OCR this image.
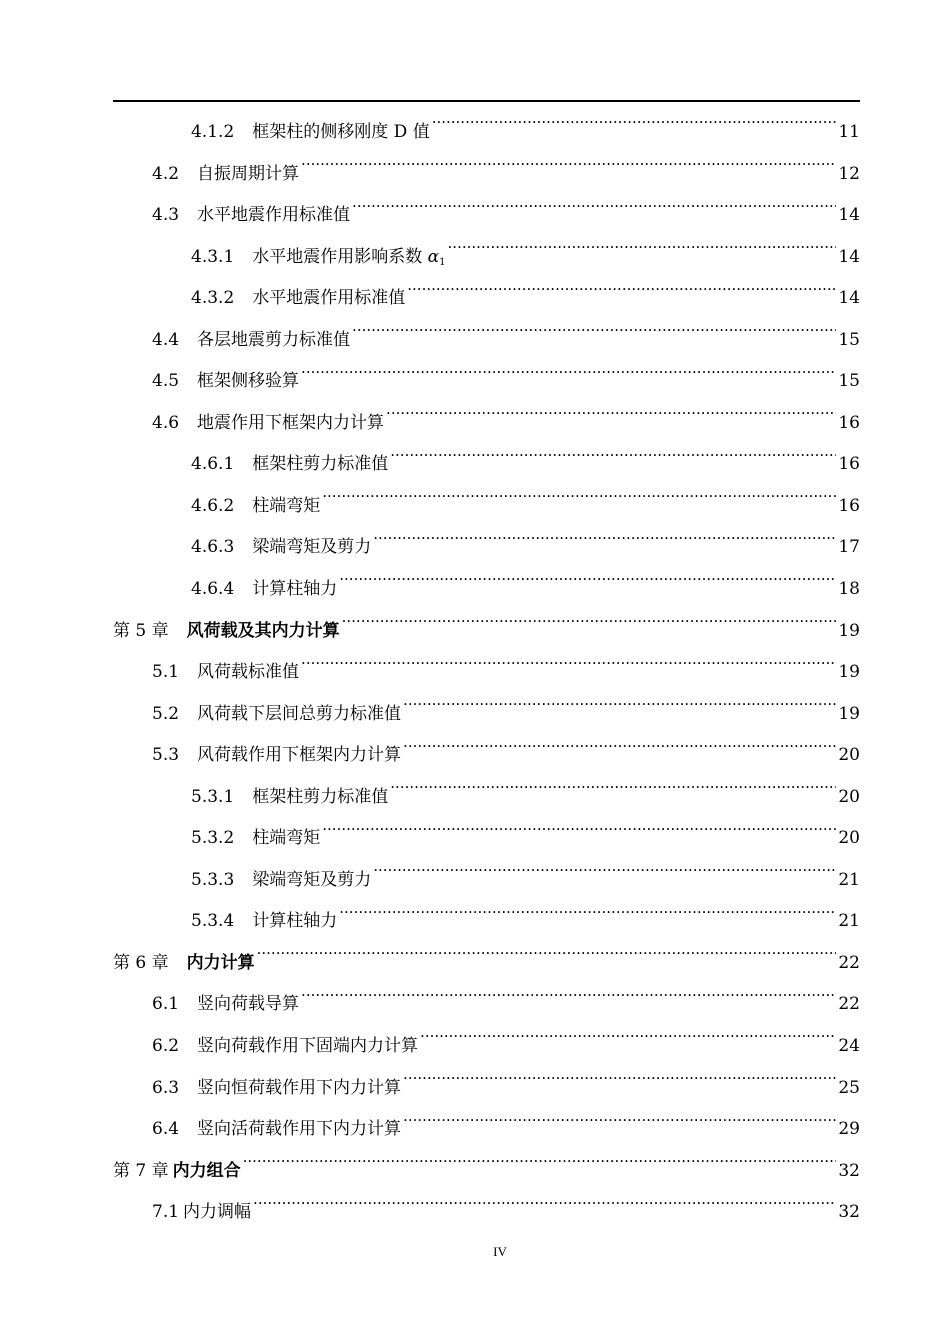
4.1.2	框架柱的侧移刚度 D 值 .....	11
4.2	自振周期计算 .....	12
4.3	水平地震作用标准值 .....	14
4.3.1	水平地震作用影响系数 $\alpha_1$ .....	14
4.3.2	水平地震作用标准值 .....	14
4.4	各层地震剪力标准值 .....	15
4.5	框架侧移验算 .....	15
4.6	地震作用下框架内力计算 .....	16
4.6.1	框架柱剪力标准值 .....	16
4.6.2	柱端弯矩 .....	16
4.6.3	梁端弯矩及剪力 .....	17
4.6.4	计算柱轴力 .....	18
第 5 章	风荷载及其内力计算 .....	19
5.1	风荷载标准值 .....	19
5.2	风荷载下层间总剪力标准值 .....	19
5.3	风荷载作用下框架内力计算 .....	20
5.3.1	框架柱剪力标准值 .....	20
5.3.2	柱端弯矩 .....	20
5.3.3	梁端弯矩及剪力 .....	21
5.3.4	计算柱轴力 .....	21
第 6 章	内力计算 .....	22
6.1	竖向荷载导算 .....	22
6.2	竖向荷载作用下固端内力计算 .....	24
6.3	竖向恒荷载作用下内力计算 .....	25
6.4	竖向活荷载作用下内力计算 .....	29
第 7 章 内力组合 .....	32
7.1 内力调幅 .....	32
IV
